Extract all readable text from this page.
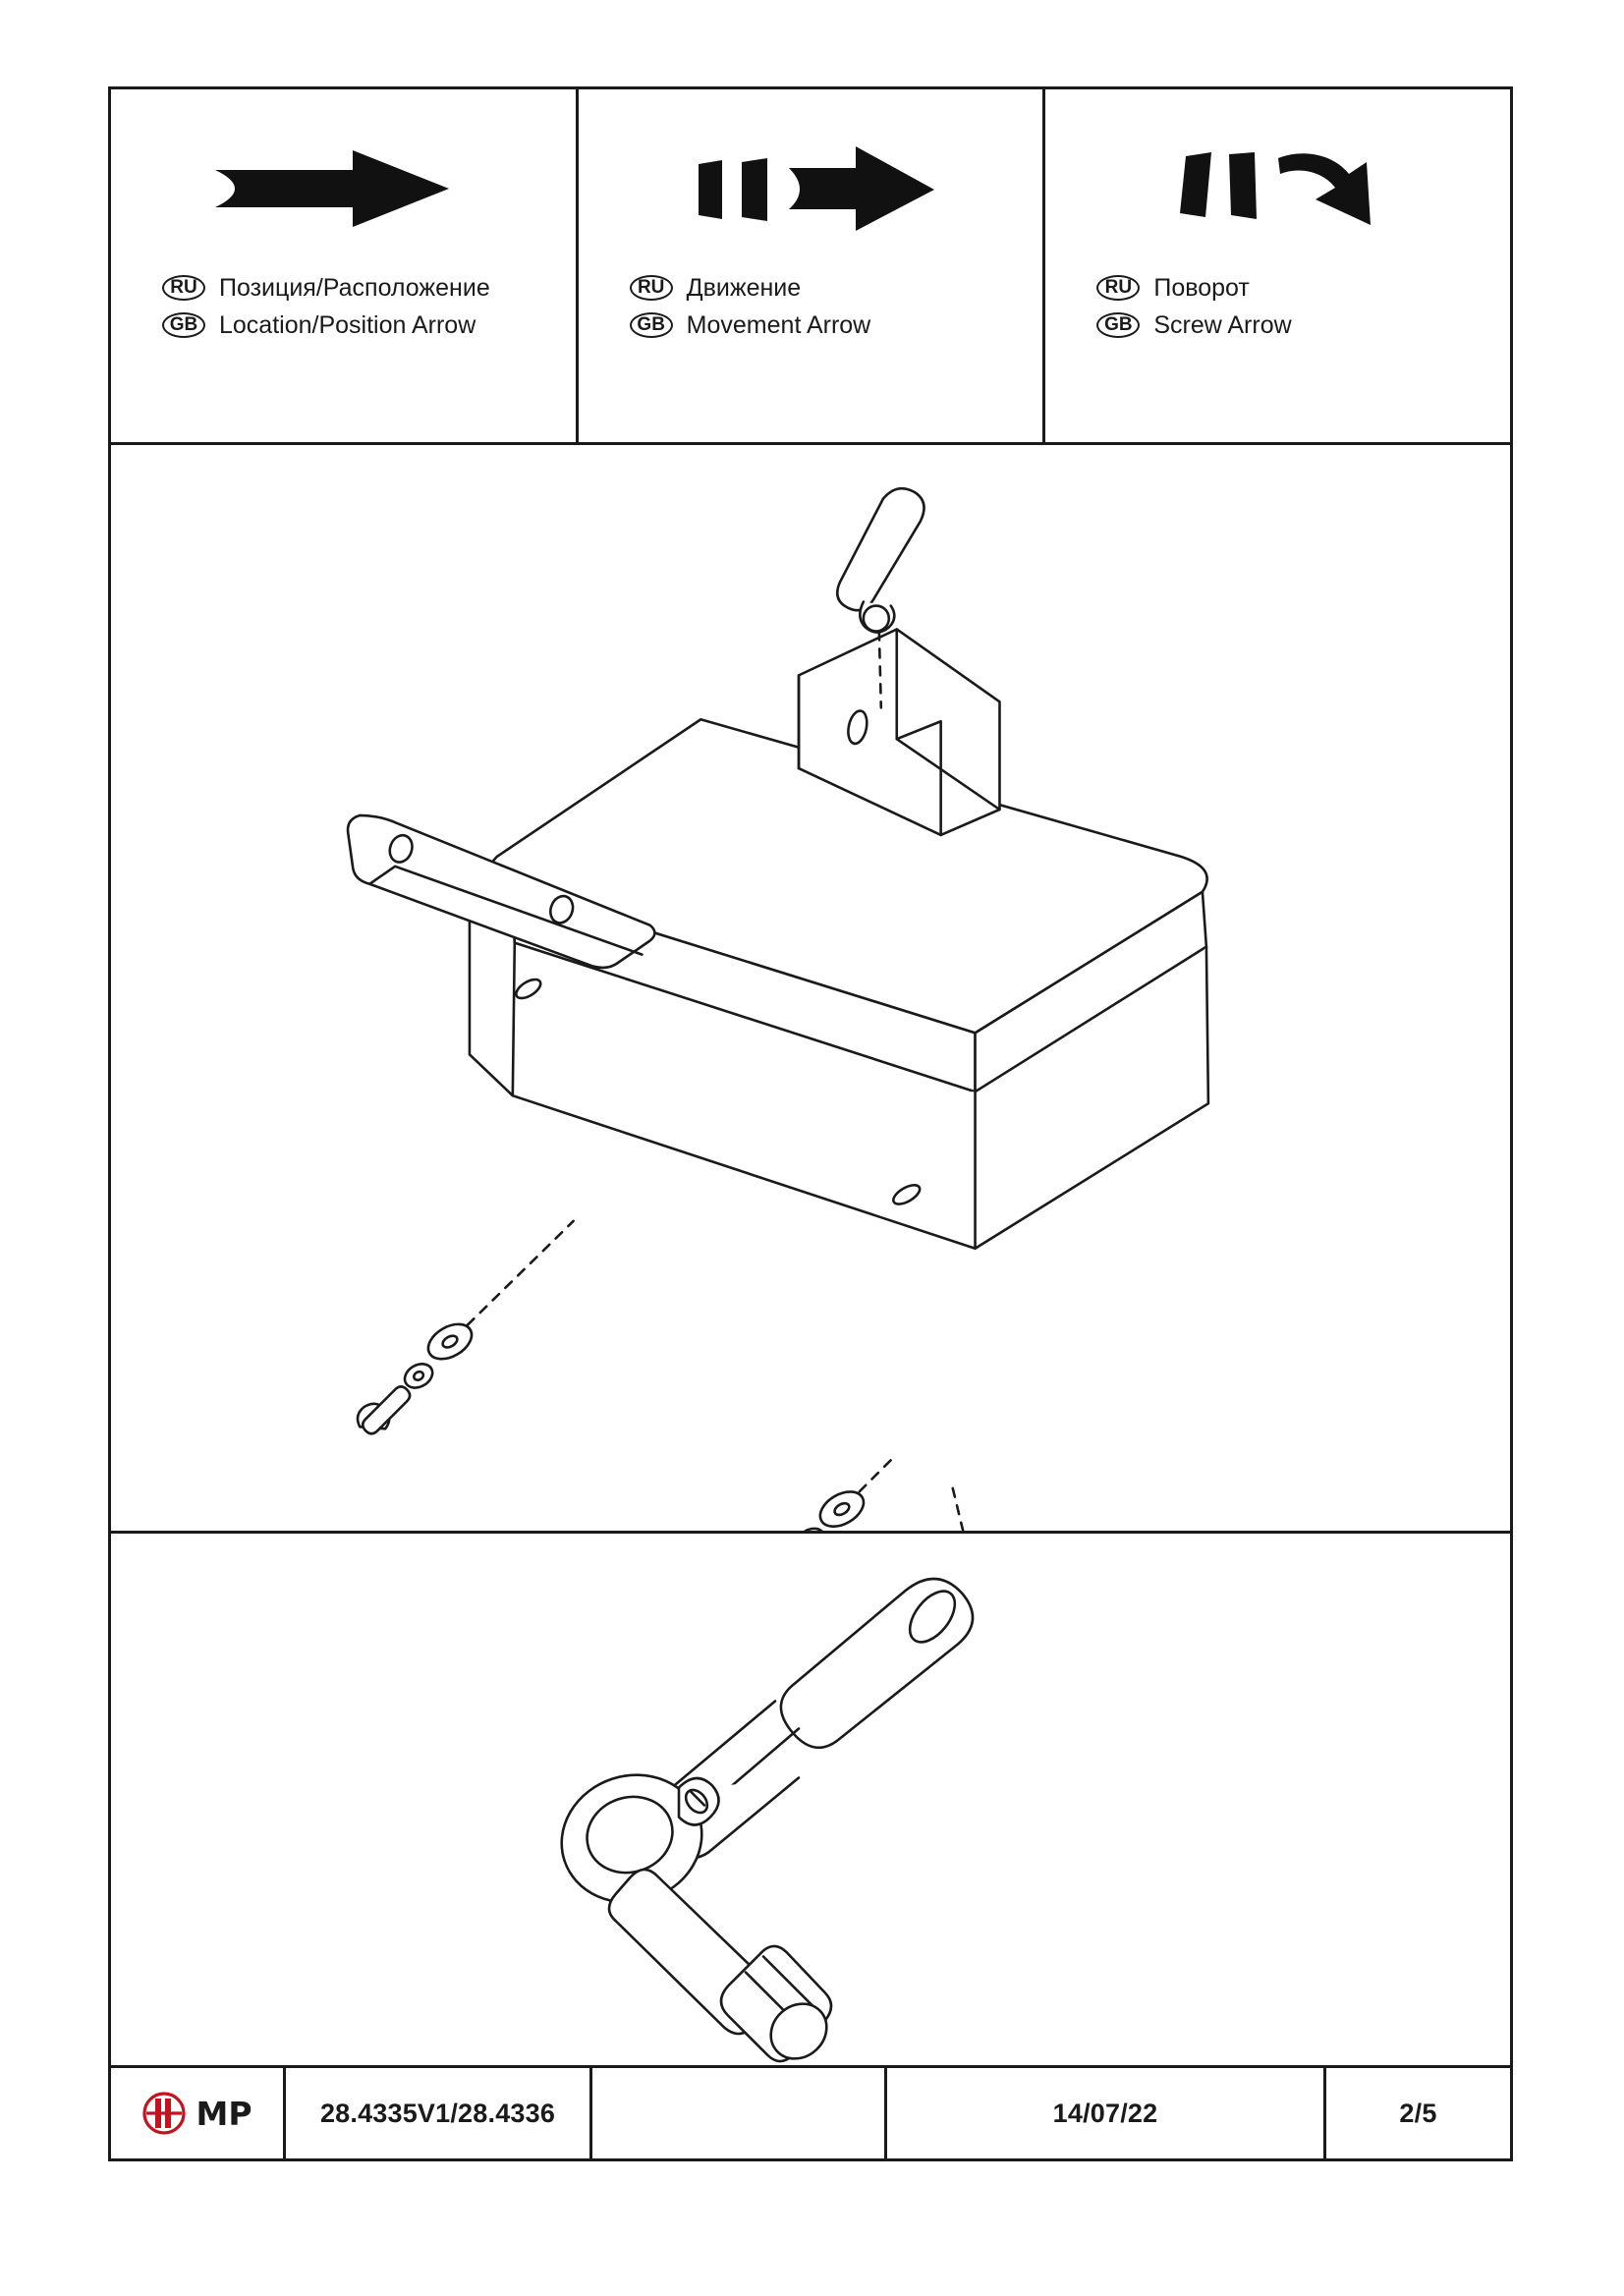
RU Позиция/Расположение
GB Location/Position Arrow
RU Движение
GB Movement Arrow
RU Поворот
GB Screw Arrow
MP	28.4335V1/28.4336	14/07/22	2/5
